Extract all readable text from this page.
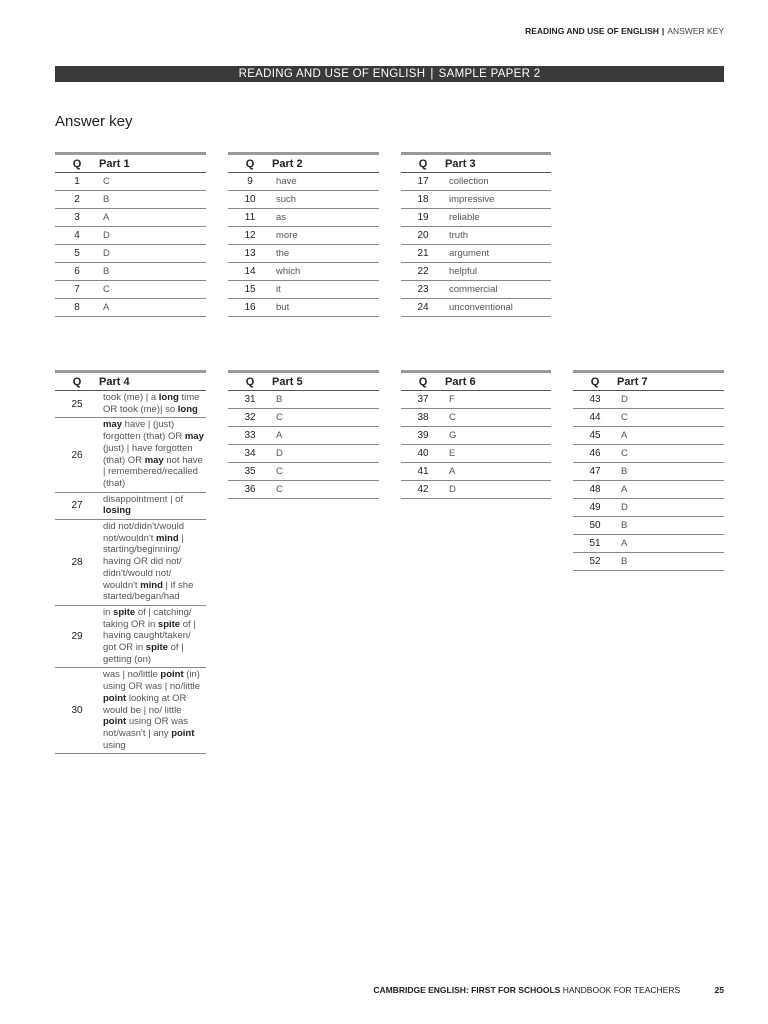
READING AND USE OF ENGLISH | ANSWER KEY
READING AND USE OF ENGLISH | SAMPLE PAPER 2
Answer key
Q	Part 1
1	C
2	B
3	A
4	D
5	D
6	B
7	C
8	A
Q	Part 2
9	have
10	such
11	as
12	more
13	the
14	which
15	it
16	but
Q	Part 3
17	collection
18	impressive
19	reliable
20	truth
21	argument
22	helpful
23	commercial
24	unconventional
Q	Part 4
25	took (me) | a long time OR took (me)| so long
26	may have | (just) forgotten (that) OR may (just) | have forgotten (that) OR may not have | remembered/recalled (that)
27	disappointment | of losing
28	did not/didn't/would not/wouldn't mind | starting/beginning/ having OR did not/ didn't/would not/ wouldn't mind | if she started/began/had
29	in spite of | catching/ taking OR in spite of | having caught/taken/ got OR in spite of | getting (on)
30	was | no/little point (in) using OR was | no/little point looking at OR would be | no/ little point using OR was not/wasn't | any point using
Q	Part 5
31	B
32	C
33	A
34	D
35	C
36	C
Q	Part 6
37	F
38	C
39	G
40	E
41	A
42	D
Q	Part 7
43	D
44	C
45	A
46	C
47	B
48	A
49	D
50	B
51	A
52	B
CAMBRIDGE ENGLISH: FIRST FOR SCHOOLS HANDBOOK FOR TEACHERS	25
